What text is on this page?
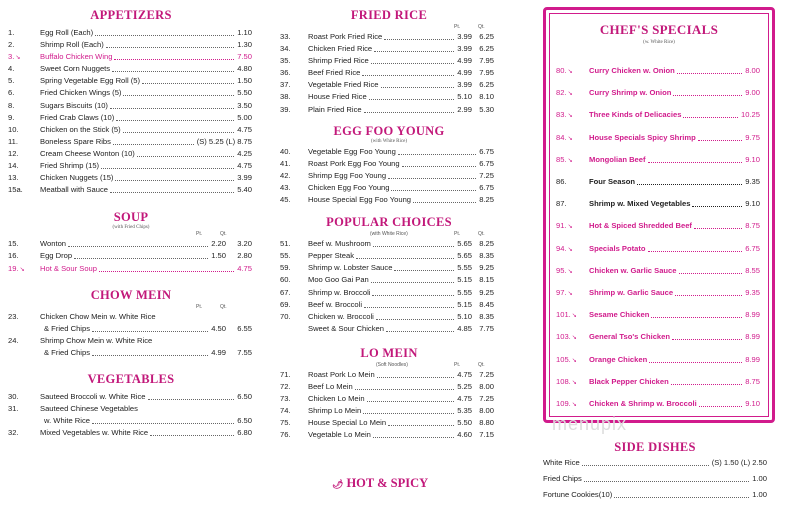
APPETIZERS
1.	Egg Roll (Each)	1.10
2.	Shrimp Roll (Each)	1.30
3.↘	Buffalo Chicken Wing	7.50
4.	Sweet Corn Nuggets	4.80
5.	Spring Vegetable Egg Roll (5)	1.50
6.	Fried Chicken Wings (5)	5.50
8.	Sugars Biscuits (10)	3.50
9.	Fried Crab Claws (10)	5.00
10.	Chicken on the Stick (5)	4.75
11.	Boneless Spare Ribs	(S) 5.25 (L) 8.75
12.	Cream Cheese Wonton (10)	4.25
14.	Fried Shrimp (15)	4.75
13.	Chicken Nuggets (15)	3.99
15a. Meatball with Sauce	5.40
SOUP
(with Fried Chips)
Pt.	Qt.
15.	Wonton	2.20 3.20
16.	Egg Drop	1.50 2.80
19.↘ Hot & Sour Soup	4.75
CHOW MEIN
Pt.	Qt.
23.	Chicken Chow Mein w. White Rice
& Fried Chips	4.50 6.55
24.	Shrimp Chow Mein w. White Rice
& Fried Chips	4.99 7.55
VEGETABLES
30.	Sauteed Broccoli w. White Rice	6.50
31.	Sauteed Chinese Vegetables
w. White Rice	6.50
32.	Mixed Vegetables w. White Rice	6.80
FRIED RICE
Pt.	Qt.
33. Roast Pork Fried Rice	3.99 6.25
34. Chicken Fried Rice	3.99 6.25
35. Shrimp Fried Rice	4.99 7.95
36. Beef Fried Rice	4.99 7.95
37. Vegetable Fried Rice	3.99 6.25
38. House Fried Rice	5.10 8.10
39. Plain Fried Rice	2.99 5.30
EGG FOO YOUNG
(with White Rice)
40. Vegetable Egg Foo Young	6.75
41. Roast Pork Egg Foo Young	6.75
42. Shrimp Egg Foo Young	7.25
43. Chicken Egg Foo Young	6.75
45. House Special Egg Foo Young	8.25
POPULAR CHOICES
(with White Rice)	Pt.	Qt.
51. Beef w. Mushroom	5.65 8.25
55. Pepper Steak	5.65 8.35
59. Shrimp w. Lobster Sauce	5.55 9.25
60. Moo Goo Gai Pan	5.15 8.15
67. Shrimp w. Broccoli	5.55 9.25
69. Beef w. Broccoli	5.15 8.45
70. Chicken w. Broccoli	5.10 8.35
Sweet & Sour Chicken	4.85 7.75
LO MEIN
(Soft Noodles)	Pt.	Qt.
71. Roast Pork Lo Mein	4.75 7.25
72. Beef Lo Mein	5.25 8.00
73. Chicken Lo Mein	4.75 7.25
74. Shrimp Lo Mein	5.35 8.00
75. House Special Lo Mein	5.50 8.80
76. Vegetable Lo Mein	4.60 7.15
🌶 HOT & SPICY
CHEF'S SPECIALS
(w. White Rice)
80.↘ Curry Chicken w. Onion	8.00
82.↘ Curry Shrimp w. Onion	9.00
83.↘ Three Kinds of Delicacies	10.25
84.↘ House Specials Spicy Shrimp	9.75
85.↘ Mongolian Beef	9.10
86.	Four Season	9.35
87.	Shrimp w. Mixed Vegetables	9.10
91.↘ Hot & Spiced Shredded Beef	8.75
94.↘ Specials Potato	6.75
95.↘ Chicken w. Garlic Sauce	8.55
97.↘ Shrimp w. Garlic Sauce	9.35
101.↘ Sesame Chicken	8.99
103.↘ General Tso's Chicken	8.99
105.↘ Orange Chicken	8.99
108.↘ Black Pepper Chicken	8.75
109.↘ Chicken & Shrimp w. Broccoli	9.10
menupix
SIDE DISHES
White Rice	(S) 1.50 (L) 2.50
Fried Chips	1.00
Fortune Cookies(10)	1.00
